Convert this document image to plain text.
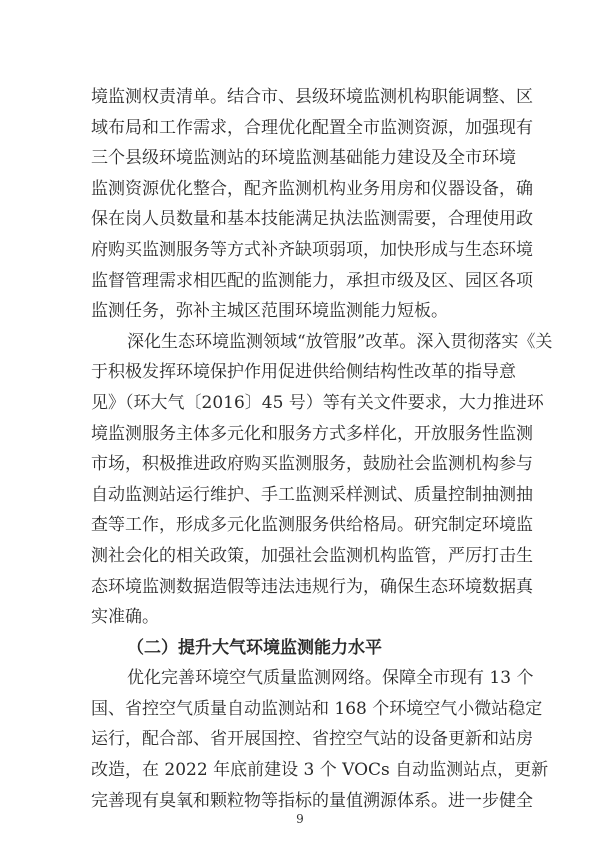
境监测权责清单。结合市、县级环境监测机构职能调整、区
域布局和工作需求，合理优化配置全市监测资源，加强现有
三个县级环境监测站的环境监测基础能力建设及全市环境
监测资源优化整合，配齐监测机构业务用房和仪器设备，确
保在岗人员数量和基本技能满足执法监测需要，合理使用政
府购买监测服务等方式补齐缺项弱项，加快形成与生态环境
监督管理需求相匹配的监测能力，承担市级及区、园区各项
监测任务，弥补主城区范围环境监测能力短板。
深化生态环境监测领域“放管服”改革。深入贯彻落实《关
于积极发挥环境保护作用促进供给侧结构性改革的指导意
见》（环大气〔2016〕45 号）等有关文件要求，大力推进环
境监测服务主体多元化和服务方式多样化，开放服务性监测
市场，积极推进政府购买监测服务，鼓励社会监测机构参与
自动监测站运行维护、手工监测采样测试、质量控制抽测抽
查等工作，形成多元化监测服务供给格局。研究制定环境监
测社会化的相关政策，加强社会监测机构监管，严厉打击生
态环境监测数据造假等违法违规行为，确保生态环境数据真
实准确。
（二）提升大气环境监测能力水平
优化完善环境空气质量监测网络。保障全市现有 13 个
国、省控空气质量自动监测站和 168 个环境空气小微站稳定
运行，配合部、省开展国控、省控空气站的设备更新和站房
改造，在 2022 年底前建设 3 个 VOCs 自动监测站点，更新
完善现有臭氧和颗粒物等指标的量值溯源体系。进一步健全
9
